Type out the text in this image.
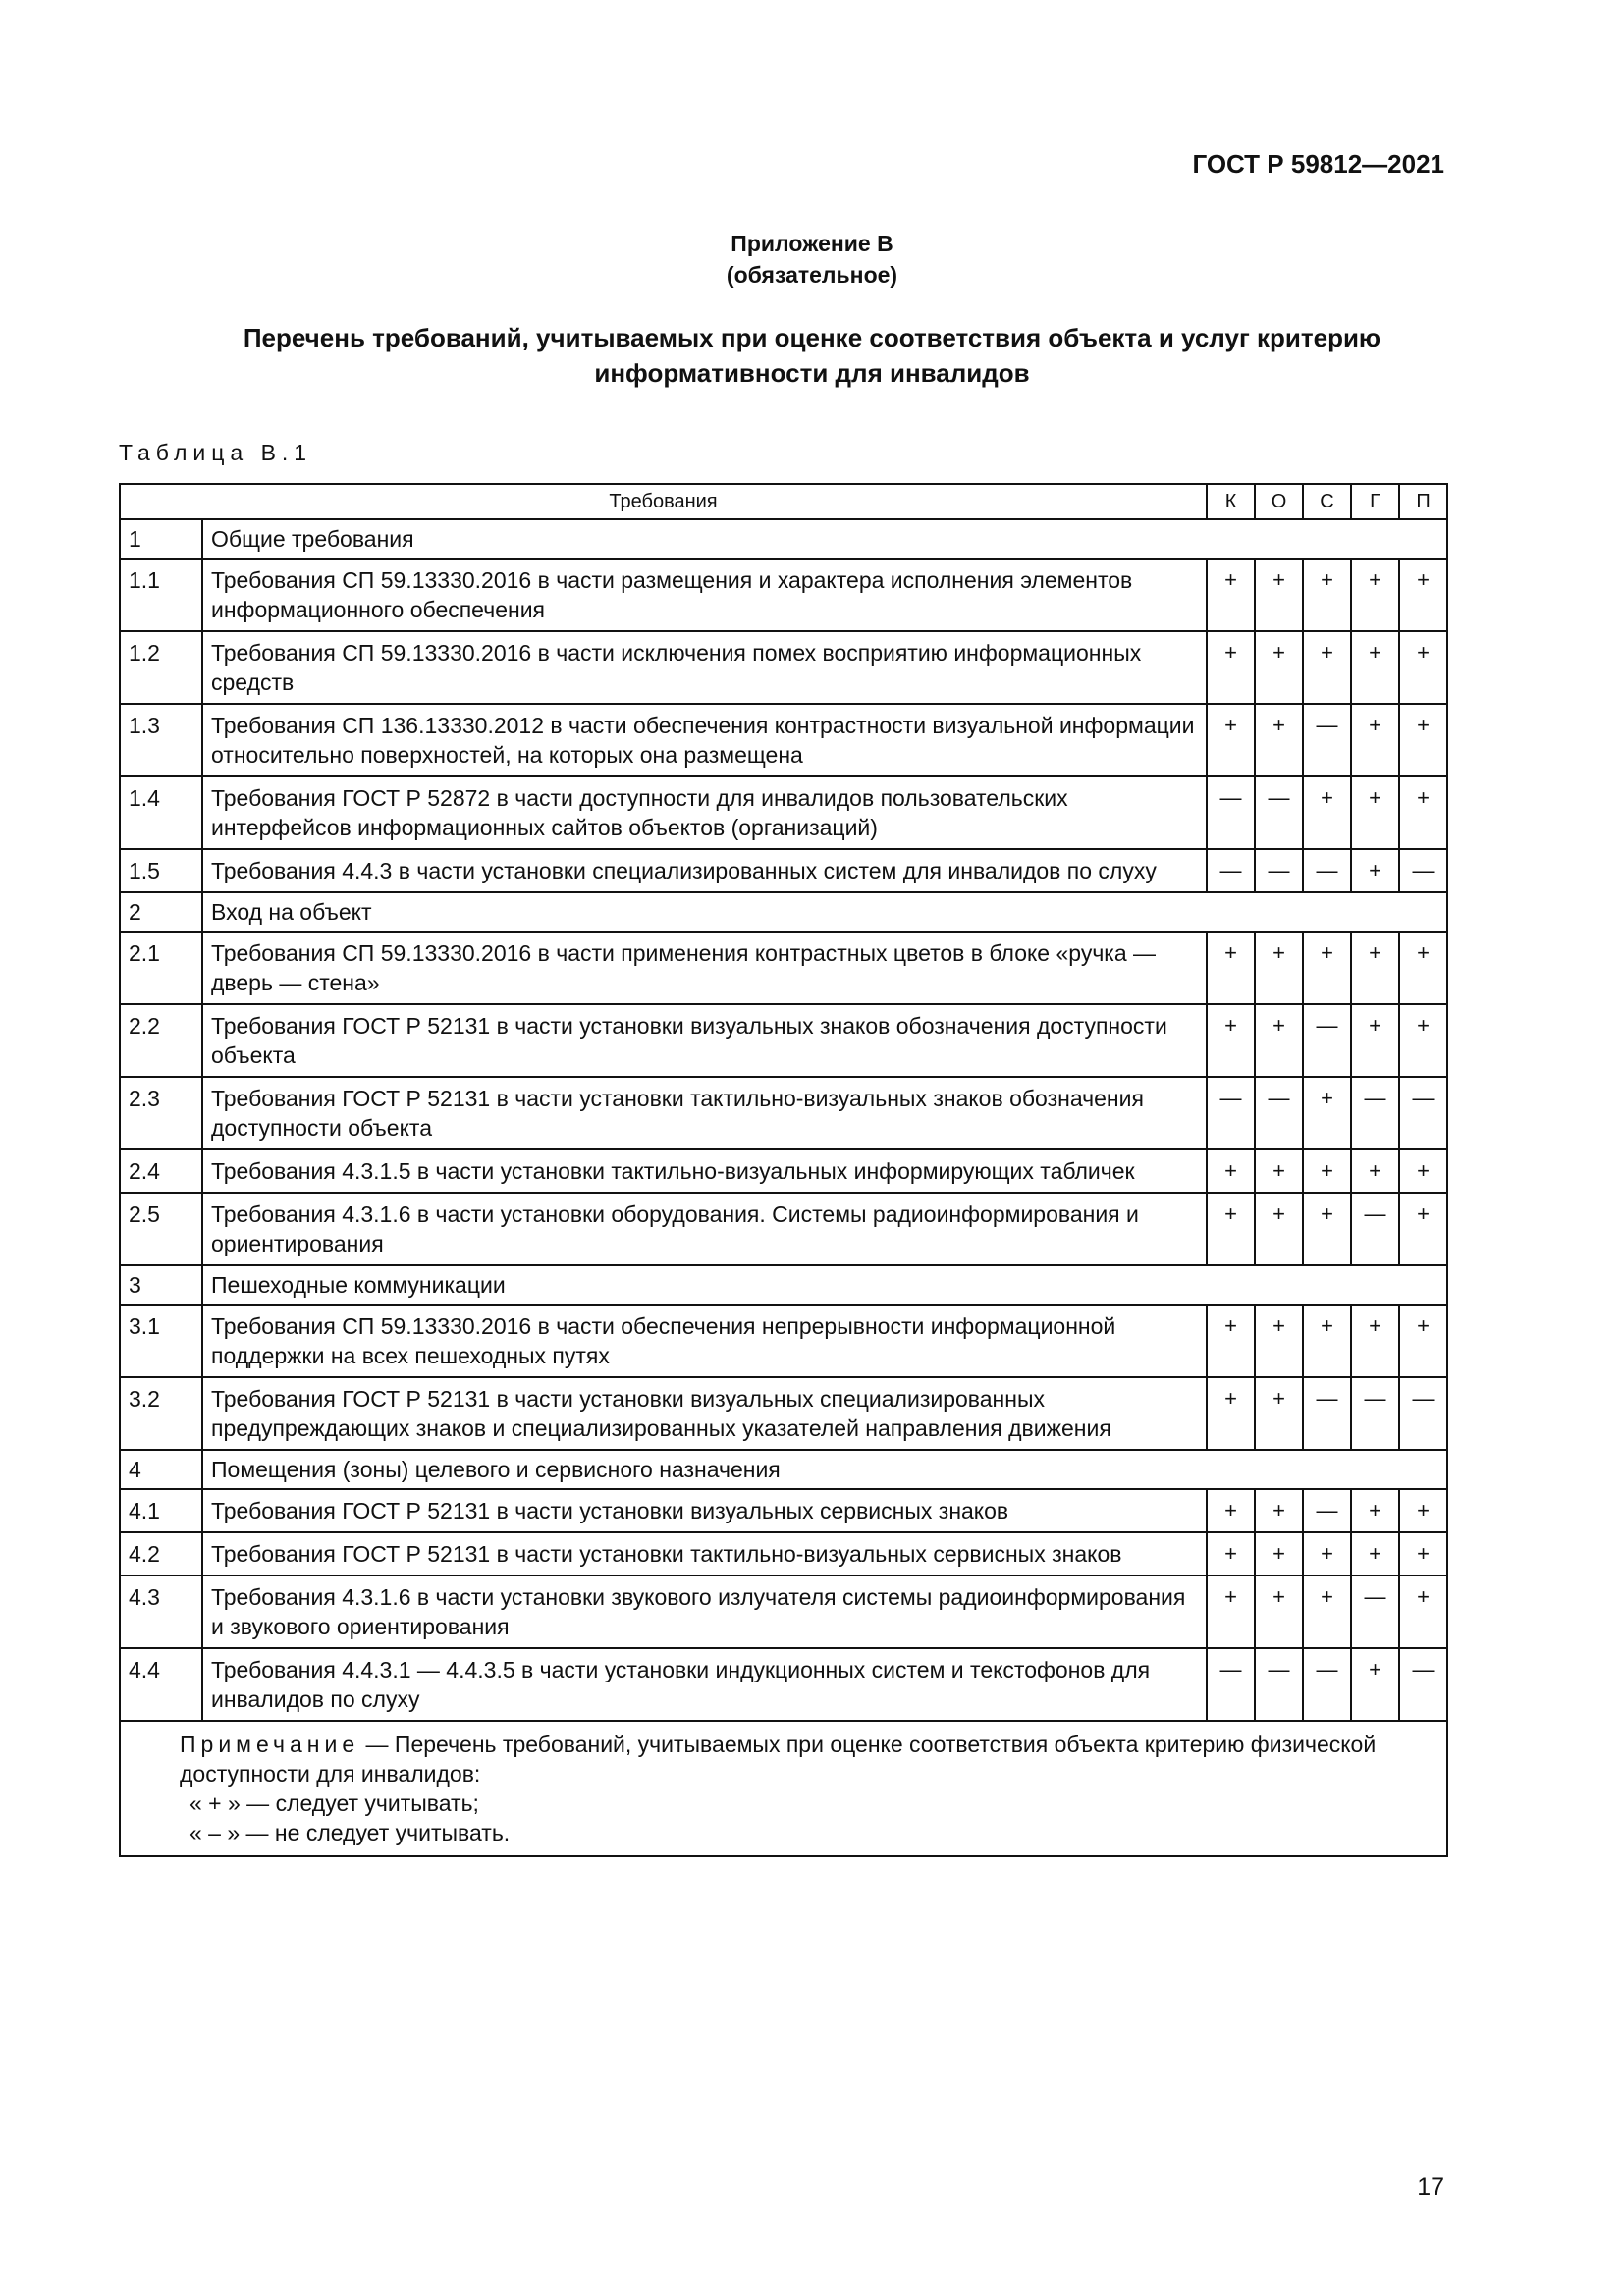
ГОСТ Р 59812—2021
Приложение В
(обязательное)
Перечень требований, учитываемых при оценке соответствия объекта и услуг критерию
информативности для инвалидов
Таблица В.1
Требования		К	О	С	Г	П
1	Общие требования					
1.1	Требования СП 59.13330.2016 в части размещения и характера исполнения элементов информационного обеспечения	+	+	+	+	+
1.2	Требования СП 59.13330.2016 в части исключения помех восприятию информационных средств	+	+	+	+	+
1.3	Требования СП 136.13330.2012 в части обеспечения контрастности визуальной информации относительно поверхностей, на которых она размещена	+	+	—	+	+
1.4	Требования ГОСТ Р 52872 в части доступности для инвалидов пользовательских интерфейсов информационных сайтов объектов (организаций)	—	—	+	+	+
1.5	Требования 4.4.3 в части установки специализированных систем для инвалидов по слуху	—	—	—	+	—
2	Вход на объект					
2.1	Требования СП 59.13330.2016 в части применения контрастных цветов в блоке «ручка — дверь — стена»	+	+	+	+	+
2.2	Требования ГОСТ Р 52131 в части установки визуальных знаков обозначения доступности объекта	+	+	—	+	+
2.3	Требования ГОСТ Р 52131 в части установки тактильно-визуальных знаков обозначения доступности объекта	—	—	+	—	—
2.4	Требования 4.3.1.5 в части установки тактильно-визуальных информирующих табличек	+	+	+	+	+
2.5	Требования 4.3.1.6 в части установки оборудования. Системы радиоинформирования и ориентирования	+	+	+	—	+
3	Пешеходные коммуникации					
3.1	Требования СП 59.13330.2016 в части обеспечения непрерывности информационной поддержки на всех пешеходных путях	+	+	+	+	+
3.2	Требования ГОСТ Р 52131 в части установки визуальных специализированных предупреждающих знаков и специализированных указателей направления движения	+	+	—	—	—
4	Помещения (зоны) целевого и сервисного назначения					
4.1	Требования ГОСТ Р 52131 в части установки визуальных сервисных знаков	+	+	—	+	+
4.2	Требования ГОСТ Р 52131 в части установки тактильно-визуальных сервисных знаков	+	+	+	+	+
4.3	Требования 4.3.1.6 в части установки звукового излучателя системы радиоинформирования и звукового ориентирования	+	+	+	—	+
4.4	Требования 4.4.3.1 — 4.4.3.5 в части установки индукционных систем и текстофонов для инвалидов по слуху	—	—	—	+	—

Примечание — Перечень требований, учитываемых при оценке соответствия объекта критерию физической доступности для инвалидов:
« + » — следует учитывать;
« – » — не следует учитывать.						
17
